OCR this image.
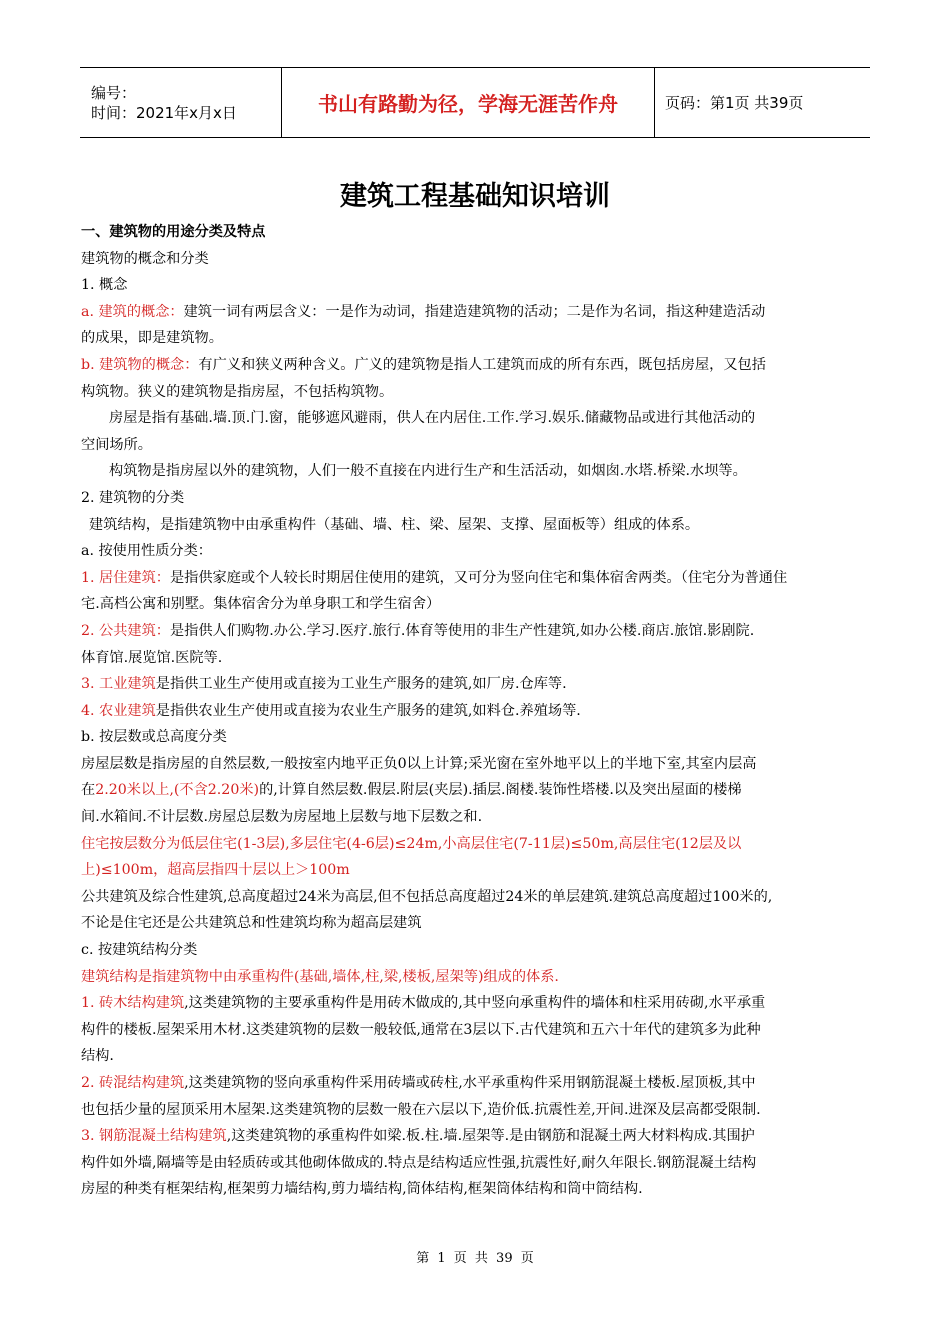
编号：
时间：2021年x月x日	书山有路勤为径，学海无涯苦作舟	页码：第1页 共39页
建筑工程基础知识培训
一、建筑物的用途分类及特点
建筑物的概念和分类
1. 概念
a. 建筑的概念：建筑一词有两层含义：一是作为动词，指建造建筑物的活动；二是作为名词，指这种建造活动
的成果，即是建筑物。
b. 建筑物的概念：有广义和狭义两种含义。广义的建筑物是指人工建筑而成的所有东西，既包括房屋，又包括
构筑物。狭义的建筑物是指房屋，不包括构筑物。
房屋是指有基础.墙.顶.门.窗，能够遮风避雨，供人在内居住.工作.学习.娱乐.储藏物品或进行其他活动的
空间场所。
构筑物是指房屋以外的建筑物，人们一般不直接在内进行生产和生活活动，如烟囱.水塔.桥梁.水坝等。
2. 建筑物的分类
建筑结构，是指建筑物中由承重构件（基础、墙、柱、梁、屋架、支撑、屋面板等）组成的体系。
a. 按使用性质分类：
1. 居住建筑：是指供家庭或个人较长时期居住使用的建筑，又可分为竖向住宅和集体宿舍两类。（住宅分为普通住
宅.高档公寓和别墅。集体宿舍分为单身职工和学生宿舍）
2. 公共建筑：是指供人们购物.办公.学习.医疗.旅行.体育等使用的非生产性建筑,如办公楼.商店.旅馆.影剧院.
体育馆.展览馆.医院等.
3. 工业建筑是指供工业生产使用或直接为工业生产服务的建筑,如厂房.仓库等.
4. 农业建筑是指供农业生产使用或直接为农业生产服务的建筑,如料仓.养殖场等.
b. 按层数或总高度分类
房屋层数是指房屋的自然层数,一般按室内地平正负0以上计算;采光窗在室外地平以上的半地下室,其室内层高
在2.20米以上,(不含2.20米)的,计算自然层数.假层.附层(夹层).插层.阁楼.装饰性塔楼.以及突出屋面的楼梯
间.水箱间.不计层数.房屋总层数为房屋地上层数与地下层数之和.
住宅按层数分为低层住宅(1-3层),多层住宅(4-6层)≤24m,小高层住宅(7-11层)≤50m,高层住宅(12层及以
上)≤100m，超高层指四十层以上＞100m
公共建筑及综合性建筑,总高度超过24米为高层,但不包括总高度超过24米的单层建筑.建筑总高度超过100米的,
不论是住宅还是公共建筑总和性建筑均称为超高层建筑
c. 按建筑结构分类
建筑结构是指建筑物中由承重构件(基础,墙体,柱,梁,楼板,屋架等)组成的体系.
1. 砖木结构建筑,这类建筑物的主要承重构件是用砖木做成的,其中竖向承重构件的墙体和柱采用砖砌,水平承重
构件的楼板.屋架采用木材.这类建筑物的层数一般较低,通常在3层以下.古代建筑和五六十年代的建筑多为此种
结构.
2. 砖混结构建筑,这类建筑物的竖向承重构件采用砖墙或砖柱,水平承重构件采用钢筋混凝土楼板.屋顶板,其中
也包括少量的屋顶采用木屋架.这类建筑物的层数一般在六层以下,造价低.抗震性差,开间.进深及层高都受限制.
3. 钢筋混凝土结构建筑,这类建筑物的承重构件如梁.板.柱.墙.屋架等.是由钢筋和混凝土两大材料构成.其围护
构件如外墙,隔墙等是由轻质砖或其他砌体做成的.特点是结构适应性强,抗震性好,耐久年限长.钢筋混凝土结构
房屋的种类有框架结构,框架剪力墙结构,剪力墙结构,筒体结构,框架筒体结构和筒中筒结构.
第 1 页 共 39 页
